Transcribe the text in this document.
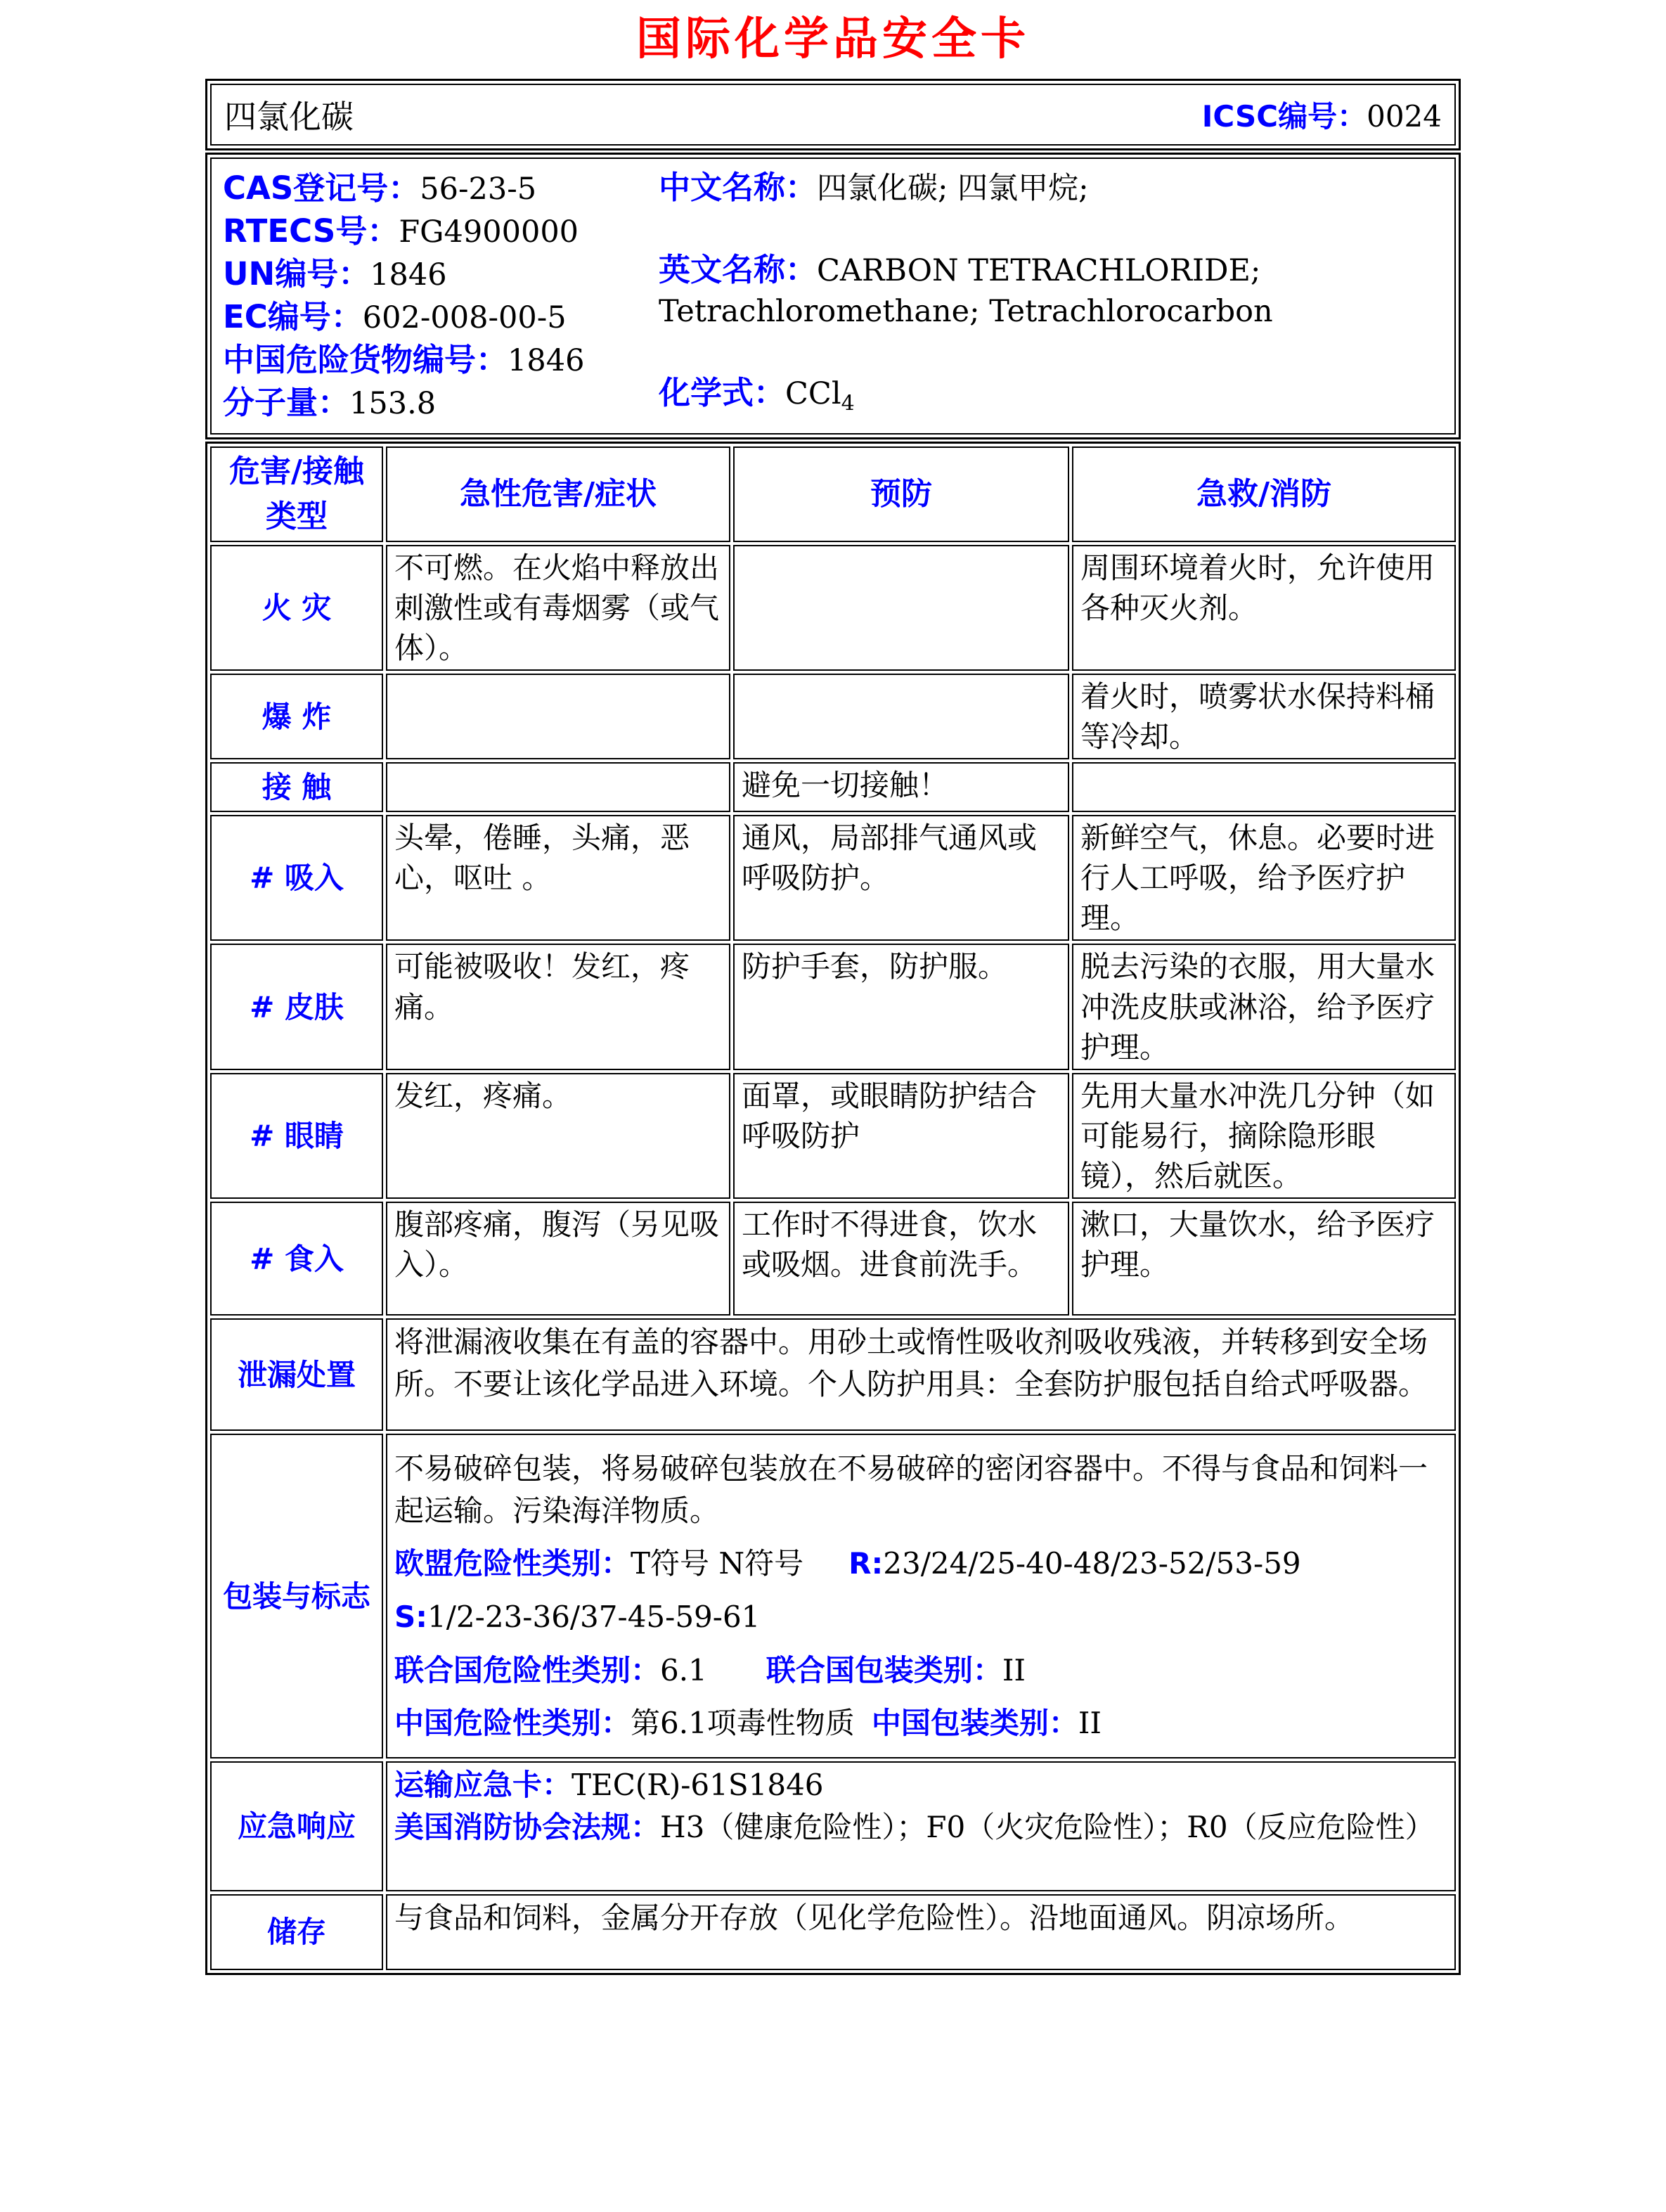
国际化学品安全卡
四氯化碳	ICSC编号：0024
CAS登记号：56-23-5
RTECS号：FG4900000
UN编号：1846
EC编号：602-008-00-5
中国危险货物编号：1846
分子量：153.8
中文名称：四氯化碳; 四氯甲烷;
英文名称：CARBON TETRACHLORIDE; Tetrachloromethane; Tetrachlorocarbon
化学式：CCl$_4$
危害/接触
类型	急性危害/症状	预防	急救/消防
火 灾	不可燃。在火焰中释放出刺激性或有毒烟雾（或气体）。		周围环境着火时，允许使用各种灭火剂。
爆 炸			着火时，喷雾状水保持料桶等冷却。
接 触		避免一切接触！	
# 吸入	头晕，倦睡，头痛，恶心，呕吐 。	通风，局部排气通风或呼吸防护。	新鲜空气，休息。必要时进行人工呼吸，给予医疗护理。
# 皮肤	可能被吸收！发红，疼痛。	防护手套，防护服。	脱去污染的衣服，用大量水冲洗皮肤或淋浴，给予医疗护理。
# 眼睛	发红，疼痛。	面罩，或眼睛防护结合呼吸防护	先用大量水冲洗几分钟（如可能易行，摘除隐形眼镜），然后就医。
# 食入	腹部疼痛，腹泻（另见吸入）。	工作时不得进食，饮水或吸烟。进食前洗手。	漱口，大量饮水，给予医疗护理。
泄漏处置	将泄漏液收集在有盖的容器中。用砂土或惰性吸收剂吸收残液，并转移到安全场所。不要让该化学品进入环境。个人防护用具：全套防护服包括自给式呼吸器。		
包装与标志	不易破碎包装，将易破碎包装放在不易破碎的密闭容器中。不得与食品和饲料一起运输。污染海洋物质。
欧盟危险性类别：T符号 N符号 R:23/24/25-40-48/23-52/53-59
S:1/2-23-36/37-45-59-61
联合国危险性类别：6.1 联合国包装类别：II
中国危险性类别：第6.1项毒性物质 中国包装类别：II		

应急响应	运输应急卡：TEC(R)-61S1846
美国消防协会法规：H3（健康危险性）；F0（火灾危险性）；R0（反应危险性）		

储存	与食品和饲料，金属分开存放（见化学危险性）。沿地面通风。阴凉场所。		
